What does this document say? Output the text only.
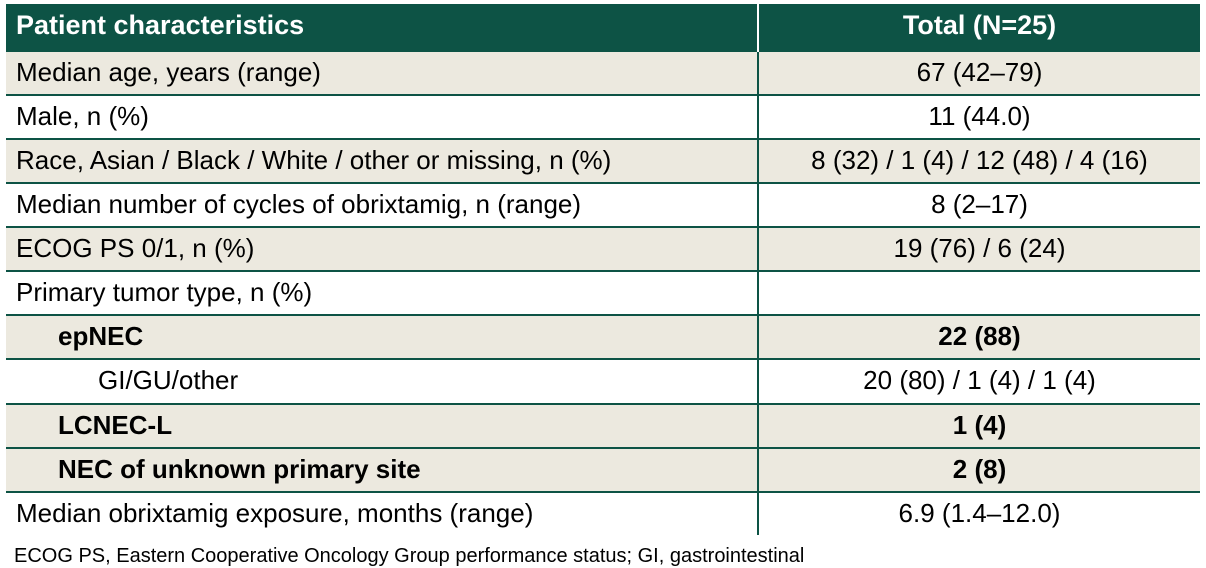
Patient characteristics	Total (N=25)
Median age, years (range)	67 (42–79)
Male, n (%)	11 (44.0)
Race, Asian / Black / White / other or missing, n (%)	8 (32) / 1 (4) / 12 (48) / 4 (16)
Median number of cycles of obrixtamig, n (range)	8 (2–17)
ECOG PS 0/1, n (%)	19 (76) / 6 (24)
Primary tumor type, n (%)	
epNEC	22 (88)
GI/GU/other	20 (80) / 1 (4) / 1 (4)
LCNEC-L	1 (4)
NEC of unknown primary site	2 (8)
Median obrixtamig exposure, months (range)	6.9 (1.4–12.0)
ECOG PS, Eastern Cooperative Oncology Group performance status; GI, gastrointestinal
